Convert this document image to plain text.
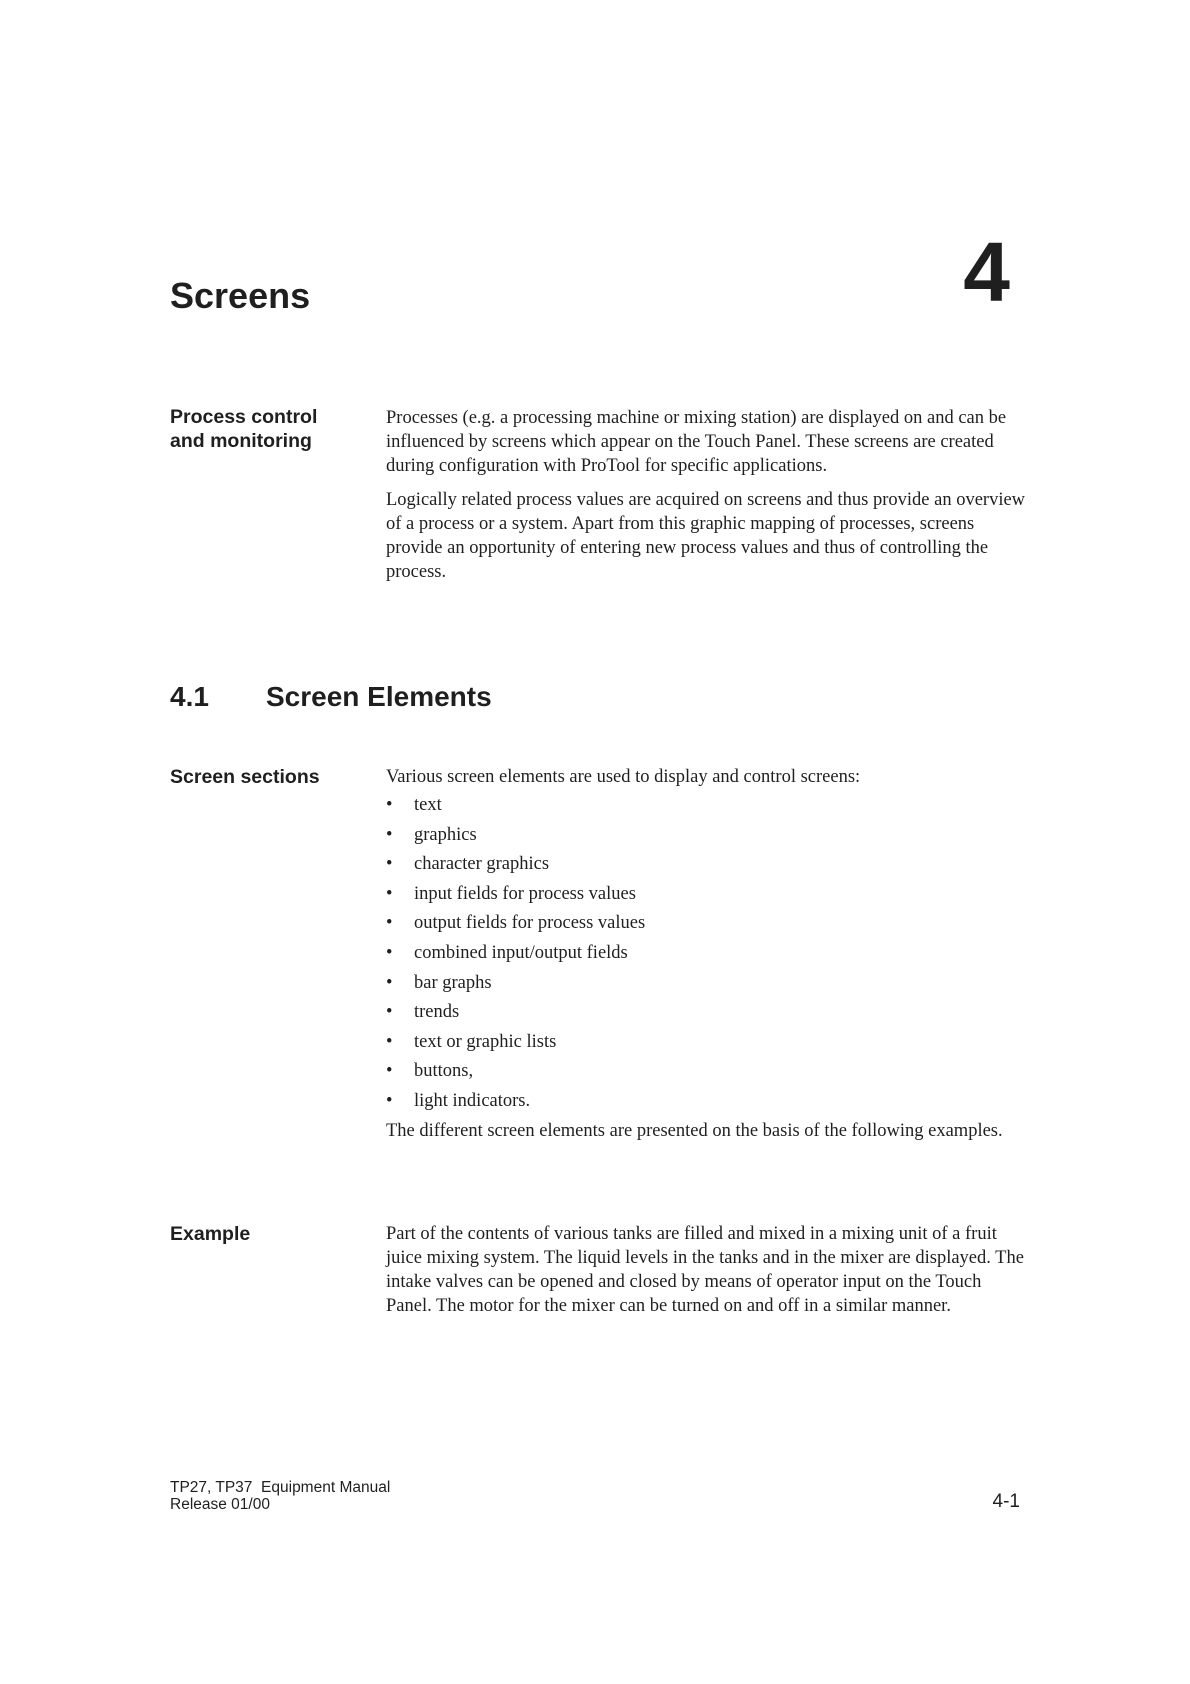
Screens	4
Process control
and monitoring

Processes (e.g. a processing machine or mixing station) are displayed on and can be influenced by screens which appear on the Touch Panel. These screens are created during configuration with ProTool for specific applications.

Logically related process values are acquired on screens and thus provide an overview of a process or a system. Apart from this graphic mapping of processes, screens provide an opportunity of entering new process values and thus of controlling the process.

4.1 Screen Elements
Screen sections	Various screen elements are used to display and control screens:

•	text
•	graphics
•	character graphics
•	input fields for process values
•	output fields for process values
•	combined input/output fields
•	bar graphs
•	trends
•	text or graphic lists
•	buttons,
•	light indicators.

The different screen elements are presented on the basis of the following examples.

Example	Part of the contents of various tanks are filled and mixed in a mixing unit of a fruit juice mixing system. The liquid levels in the tanks and in the mixer are displayed. The intake valves can be opened and closed by means of operator input on the Touch Panel. The motor for the mixer can be turned on and off in a similar manner.

TP27, TP37  Equipment Manual
Release 01/00	4-1
